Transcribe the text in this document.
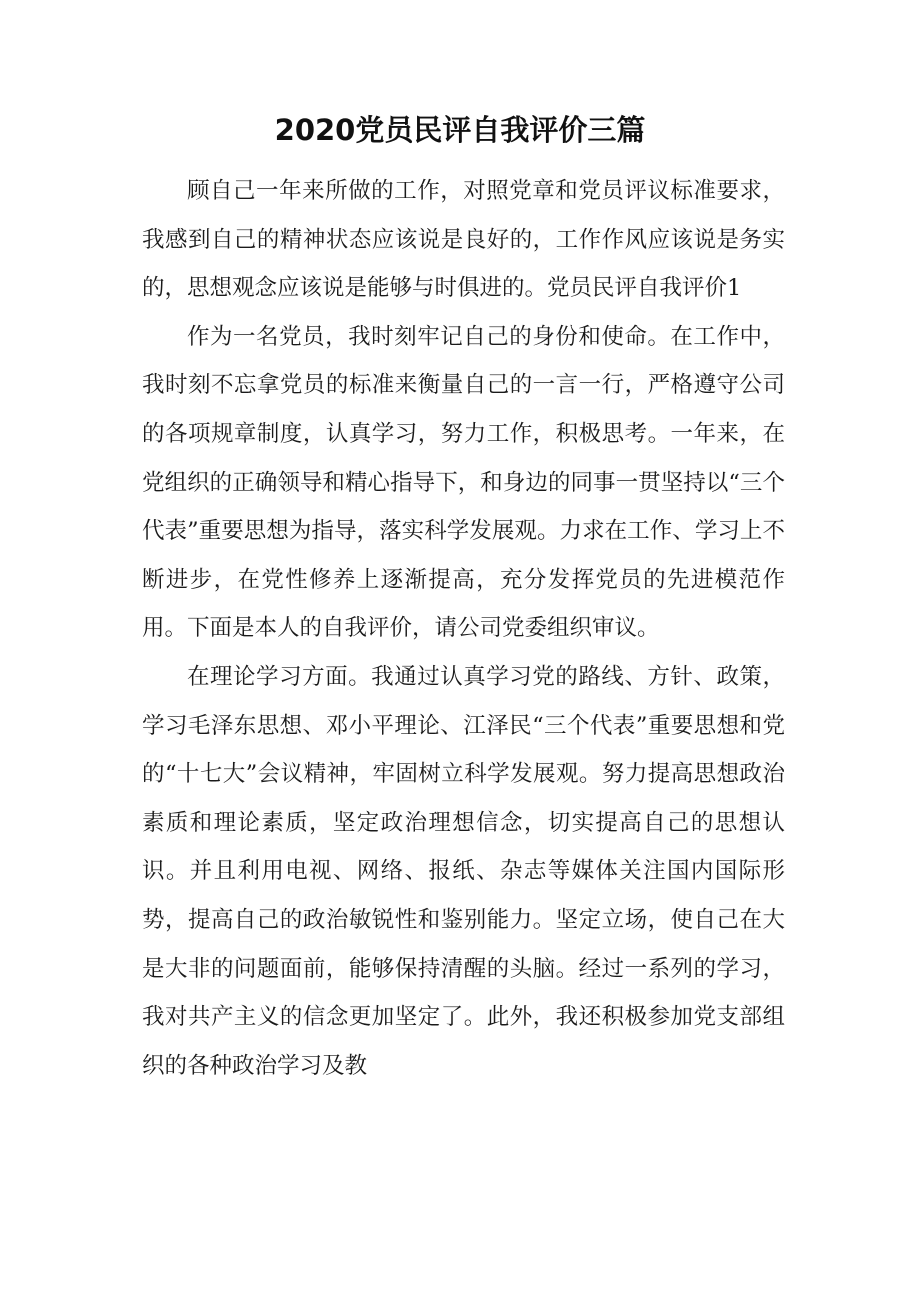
2020党员民评自我评价三篇

顾自己一年来所做的工作，对照党章和党员评议标准要求，我感到自己的精神状态应该说是良好的，工作作风应该说是务实的，思想观念应该说是能够与时俱进的。党员民评自我评价1

作为一名党员，我时刻牢记自己的身份和使命。在工作中，我时刻不忘拿党员的标准来衡量自己的一言一行，严格遵守公司的各项规章制度，认真学习，努力工作，积极思考。一年来，在党组织的正确领导和精心指导下，和身边的同事一贯坚持以“三个代表”重要思想为指导，落实科学发展观。力求在工作、学习上不断进步，在党性修养上逐渐提高，充分发挥党员的先进模范作用。下面是本人的自我评价，请公司党委组织审议。

在理论学习方面。我通过认真学习党的路线、方针、政策，学习毛泽东思想、邓小平理论、江泽民“三个代表”重要思想和党的“十七大”会议精神，牢固树立科学发展观。努力提高思想政治素质和理论素质，坚定政治理想信念，切实提高自己的思想认识。并且利用电视、网络、报纸、杂志等媒体关注国内国际形势，提高自己的政治敏锐性和鉴别能力。坚定立场，使自己在大是大非的问题面前，能够保持清醒的头脑。经过一系列的学习，我对共产主义的信念更加坚定了。此外，我还积极参加党支部组织的各种政治学习及教
